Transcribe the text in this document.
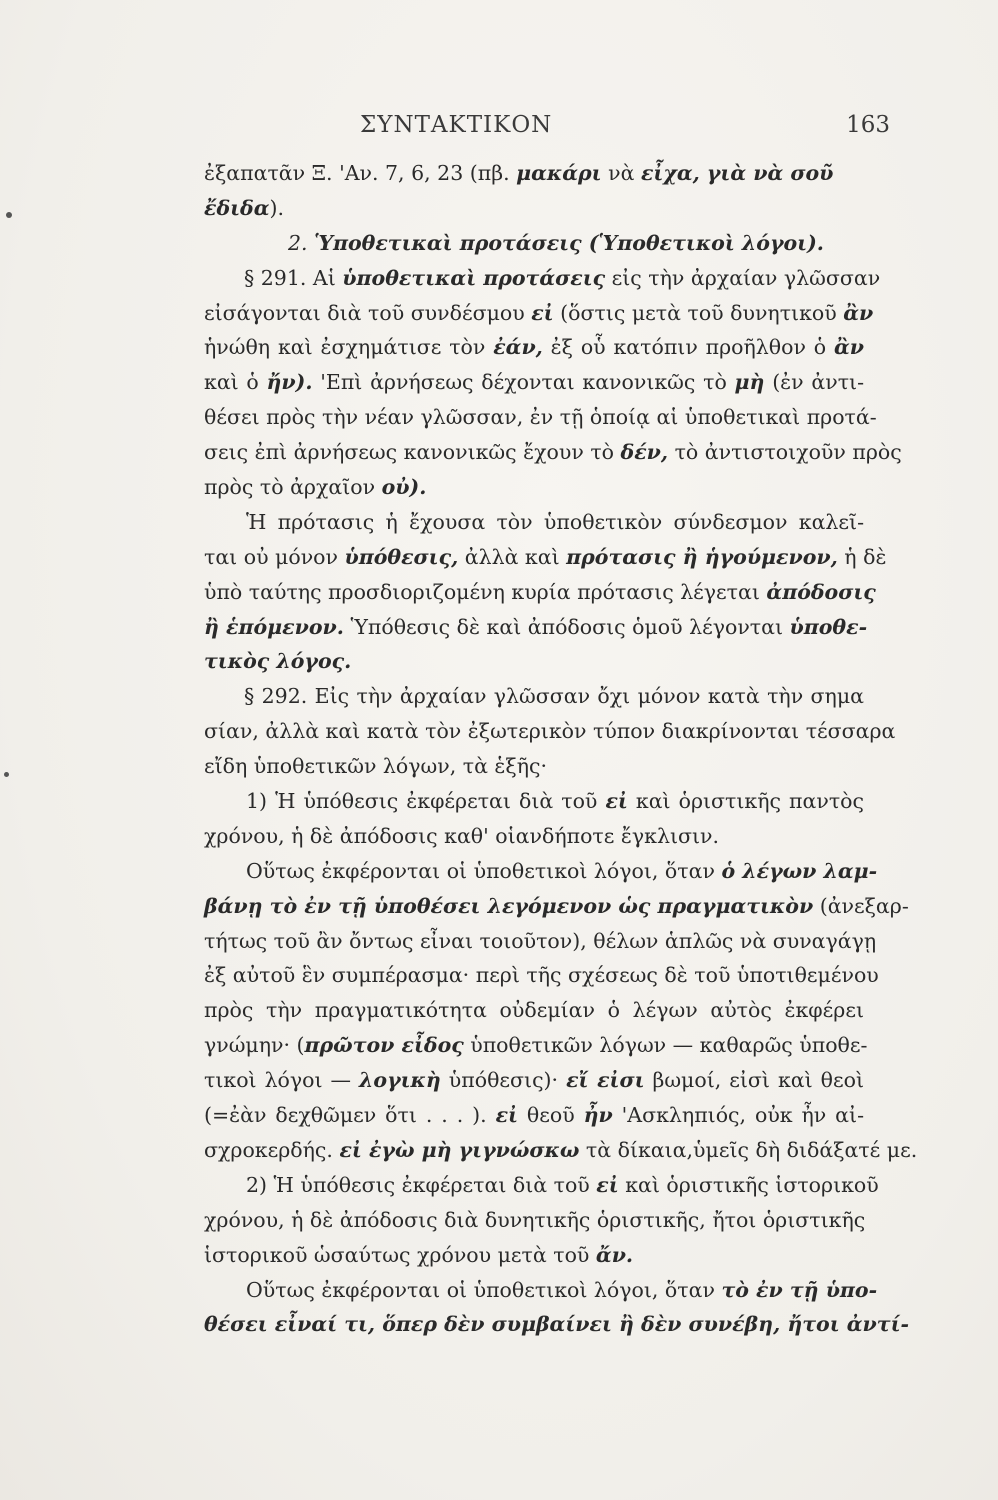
ΣΥΝΤΑΚΤΙΚΟΝ	163
ἐξαπατᾶν Ξ. 'Αν. 7, 6, 23 (πβ. μακάρι νὰ εἶχα, γιὰ νὰ σοῦ
ἔδιδα).
2. Ὑποθετικαὶ προτάσεις (Ὑποθετικοὶ λόγοι).
§ 291. Αἱ ὑποθετικαὶ προτάσεις εἰς τὴν ἀρχαίαν γλῶσσαν
εἰσάγονται διὰ τοῦ συνδέσμου εἰ (ὅστις μετὰ τοῦ δυνητικοῦ ἂν
ἡνώθη καὶ ἐσχημάτισε τὸν ἐάν, ἐξ οὗ κατόπιν προῆλθον ὁ ἂν
καὶ ὁ ἤν). 'Επὶ ἀρνήσεως δέχονται κανονικῶς τὸ μὴ (ἐν ἀντι-
θέσει πρὸς τὴν νέαν γλῶσσαν, ἐν τῇ ὁποίᾳ αἱ ὑποθετικαὶ προτά-
σεις ἐπὶ ἀρνήσεως κανονικῶς ἔχουν τὸ δέν, τὸ ἀντιστοιχοῦν πρὸς
πρὸς τὸ ἀρχαῖον οὐ).
Ἡ πρότασις ἡ ἔχουσα τὸν ὑποθετικὸν σύνδεσμον καλεῖ-
ται οὐ μόνον ὑπόθεσις, ἀλλὰ καὶ πρότασις ἢ ἡγούμενον, ἡ δὲ
ὑπὸ ταύτης προσδιοριζομένη κυρία πρότασις λέγεται ἀπόδοσις
ἢ ἑπόμενον. Ὑπόθεσις δὲ καὶ ἀπόδοσις ὁμοῦ λέγονται ὑποθε-
τικὸς λόγος.
§ 292. Εἰς τὴν ἀρχαίαν γλῶσσαν ὄχι μόνον κατὰ τὴν σημα
σίαν, ἀλλὰ καὶ κατὰ τὸν ἐξωτερικὸν τύπον διακρίνονται τέσσαρα
εἴδη ὑποθετικῶν λόγων, τὰ ἑξῆς·
1) Ἡ ὑπόθεσις ἐκφέρεται διὰ τοῦ εἰ καὶ ὁριστικῆς παντὸς
χρόνου, ἡ δὲ ἀπόδοσις καθ' οἱανδήποτε ἔγκλισιν.
Οὕτως ἐκφέρονται οἱ ὑποθετικοὶ λόγοι, ὅταν ὁ λέγων λαμ-
βάνῃ τὸ ἐν τῇ ὑποθέσει λεγόμενον ὡς πραγματικὸν (ἀνεξαρ-
τήτως τοῦ ἂν ὄντως εἶναι τοιοῦτον), θέλων ἁπλῶς νὰ συναγάγῃ
ἐξ αὐτοῦ ἓν συμπέρασμα· περὶ τῆς σχέσεως δὲ τοῦ ὑποτιθεμένου
πρὸς τὴν πραγματικότητα οὐδεμίαν ὁ λέγων αὐτὸς ἐκφέρει
γνώμην· (πρῶτον εἶδος ὑποθετικῶν λόγων — καθαρῶς ὑποθε-
τικοὶ λόγοι — λογικὴ ὑπόθεσις)· εἴ εἰσι βωμοί, εἰσὶ καὶ θεοὶ
(=ἐὰν δεχθῶμεν ὅτι . . . ). εἰ θεοῦ ἦν 'Ασκληπιός, οὐκ ἦν αἰ-
σχροκερδής. εἰ ἐγὼ μὴ γιγνώσκω τὰ δίκαια,ὑμεῖς δὴ διδάξατέ με.
2) Ἡ ὑπόθεσις ἐκφέρεται διὰ τοῦ εἰ καὶ ὁριστικῆς ἱστορικοῦ
χρόνου, ἡ δὲ ἀπόδοσις διὰ δυνητικῆς ὁριστικῆς, ἤτοι ὁριστικῆς
ἱστορικοῦ ὡσαύτως χρόνου μετὰ τοῦ ἄν.
Οὕτως ἐκφέρονται οἱ ὑποθετικοὶ λόγοι, ὅταν τὸ ἐν τῇ ὑπο-
θέσει εἶναί τι, ὅπερ δὲν συμβαίνει ἢ δὲν συνέβη, ἤτοι ἀντί-
